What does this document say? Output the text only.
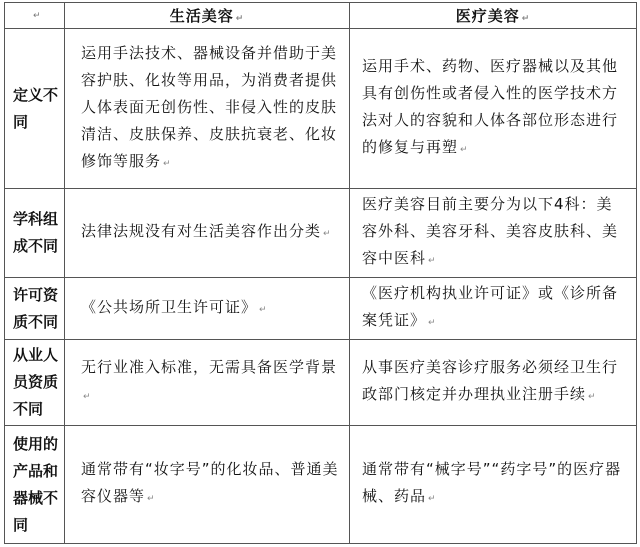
↵	生活美容 ↵	医疗美容 ↵
定义不同	运用手法技术、器械设备并借助于美容护肤、化妆等用品，为消费者提供人体表面无创伤性、非侵入性的皮肤清洁、皮肤保养、皮肤抗衰老、化妆修饰等服务 ↵	运用手术、药物、医疗器械以及其他具有创伤性或者侵入性的医学技术方法对人的容貌和人体各部位形态进行的修复与再塑 ↵
学科组成不同	法律法规没有对生活美容作出分类 ↵	医疗美容目前主要分为以下4科：美容外科、美容牙科、美容皮肤科、美容中医科 ↵
许可资质不同	《公共场所卫生许可证》 ↵	《医疗机构执业许可证》或《诊所备案凭证》 ↵
从业人员资质不同	无行业准入标准，无需具备医学背景↵	从事医疗美容诊疗服务必须经卫生行政部门核定并办理执业注册手续 ↵
使用的产品和器械不同	通常带有“妆字号”的化妆品、普通美容仪器等 ↵	通常带有“械字号”“药字号”的医疗器械、药品 ↵
